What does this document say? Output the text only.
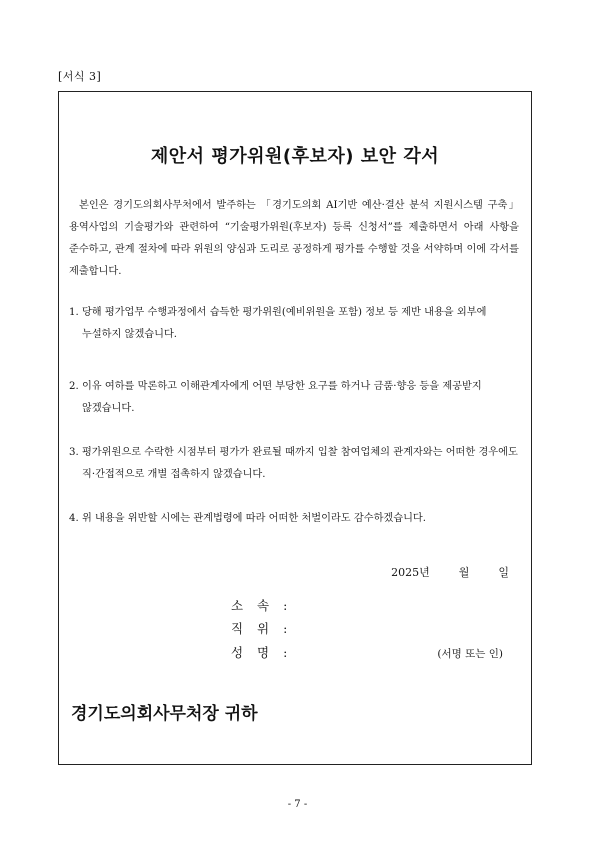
[서식 3]
제안서 평가위원(후보자) 보안 각서
본인은 경기도의회사무처에서 발주하는 「경기도의회 AI기반 예산·결산 분석 지원시스템 구축」 용역사업의 기술평가와 관련하여 “기술평가위원(후보자) 등록 신청서”를 제출하면서 아래 사항을 준수하고, 관계 절차에 따라 위원의 양심과 도리로 공정하게 평가를 수행할 것을 서약하며 이에 각서를 제출합니다.
1. 당해 평가업무 수행과정에서 습득한 평가위원(예비위원을 포함) 정보 등 제반 내용을 외부에 누설하지 않겠습니다.
2. 이유 여하를 막론하고 이해관계자에게 어떤 부당한 요구를 하거나 금품·향응 등을 제공받지 않겠습니다.
3. 평가위원으로 수락한 시점부터 평가가 완료될 때까지 입찰 참여업체의 관계자와는 어떠한 경우에도 직·간접적으로 개별 접촉하지 않겠습니다.
4. 위 내용을 위반할 시에는 관계법령에 따라 어떠한 처벌이라도 감수하겠습니다.
2025년	월	일
소 속 :
직 위 :
성 명 :	(서명 또는 인)
경기도의회사무처장 귀하
- 7 -
